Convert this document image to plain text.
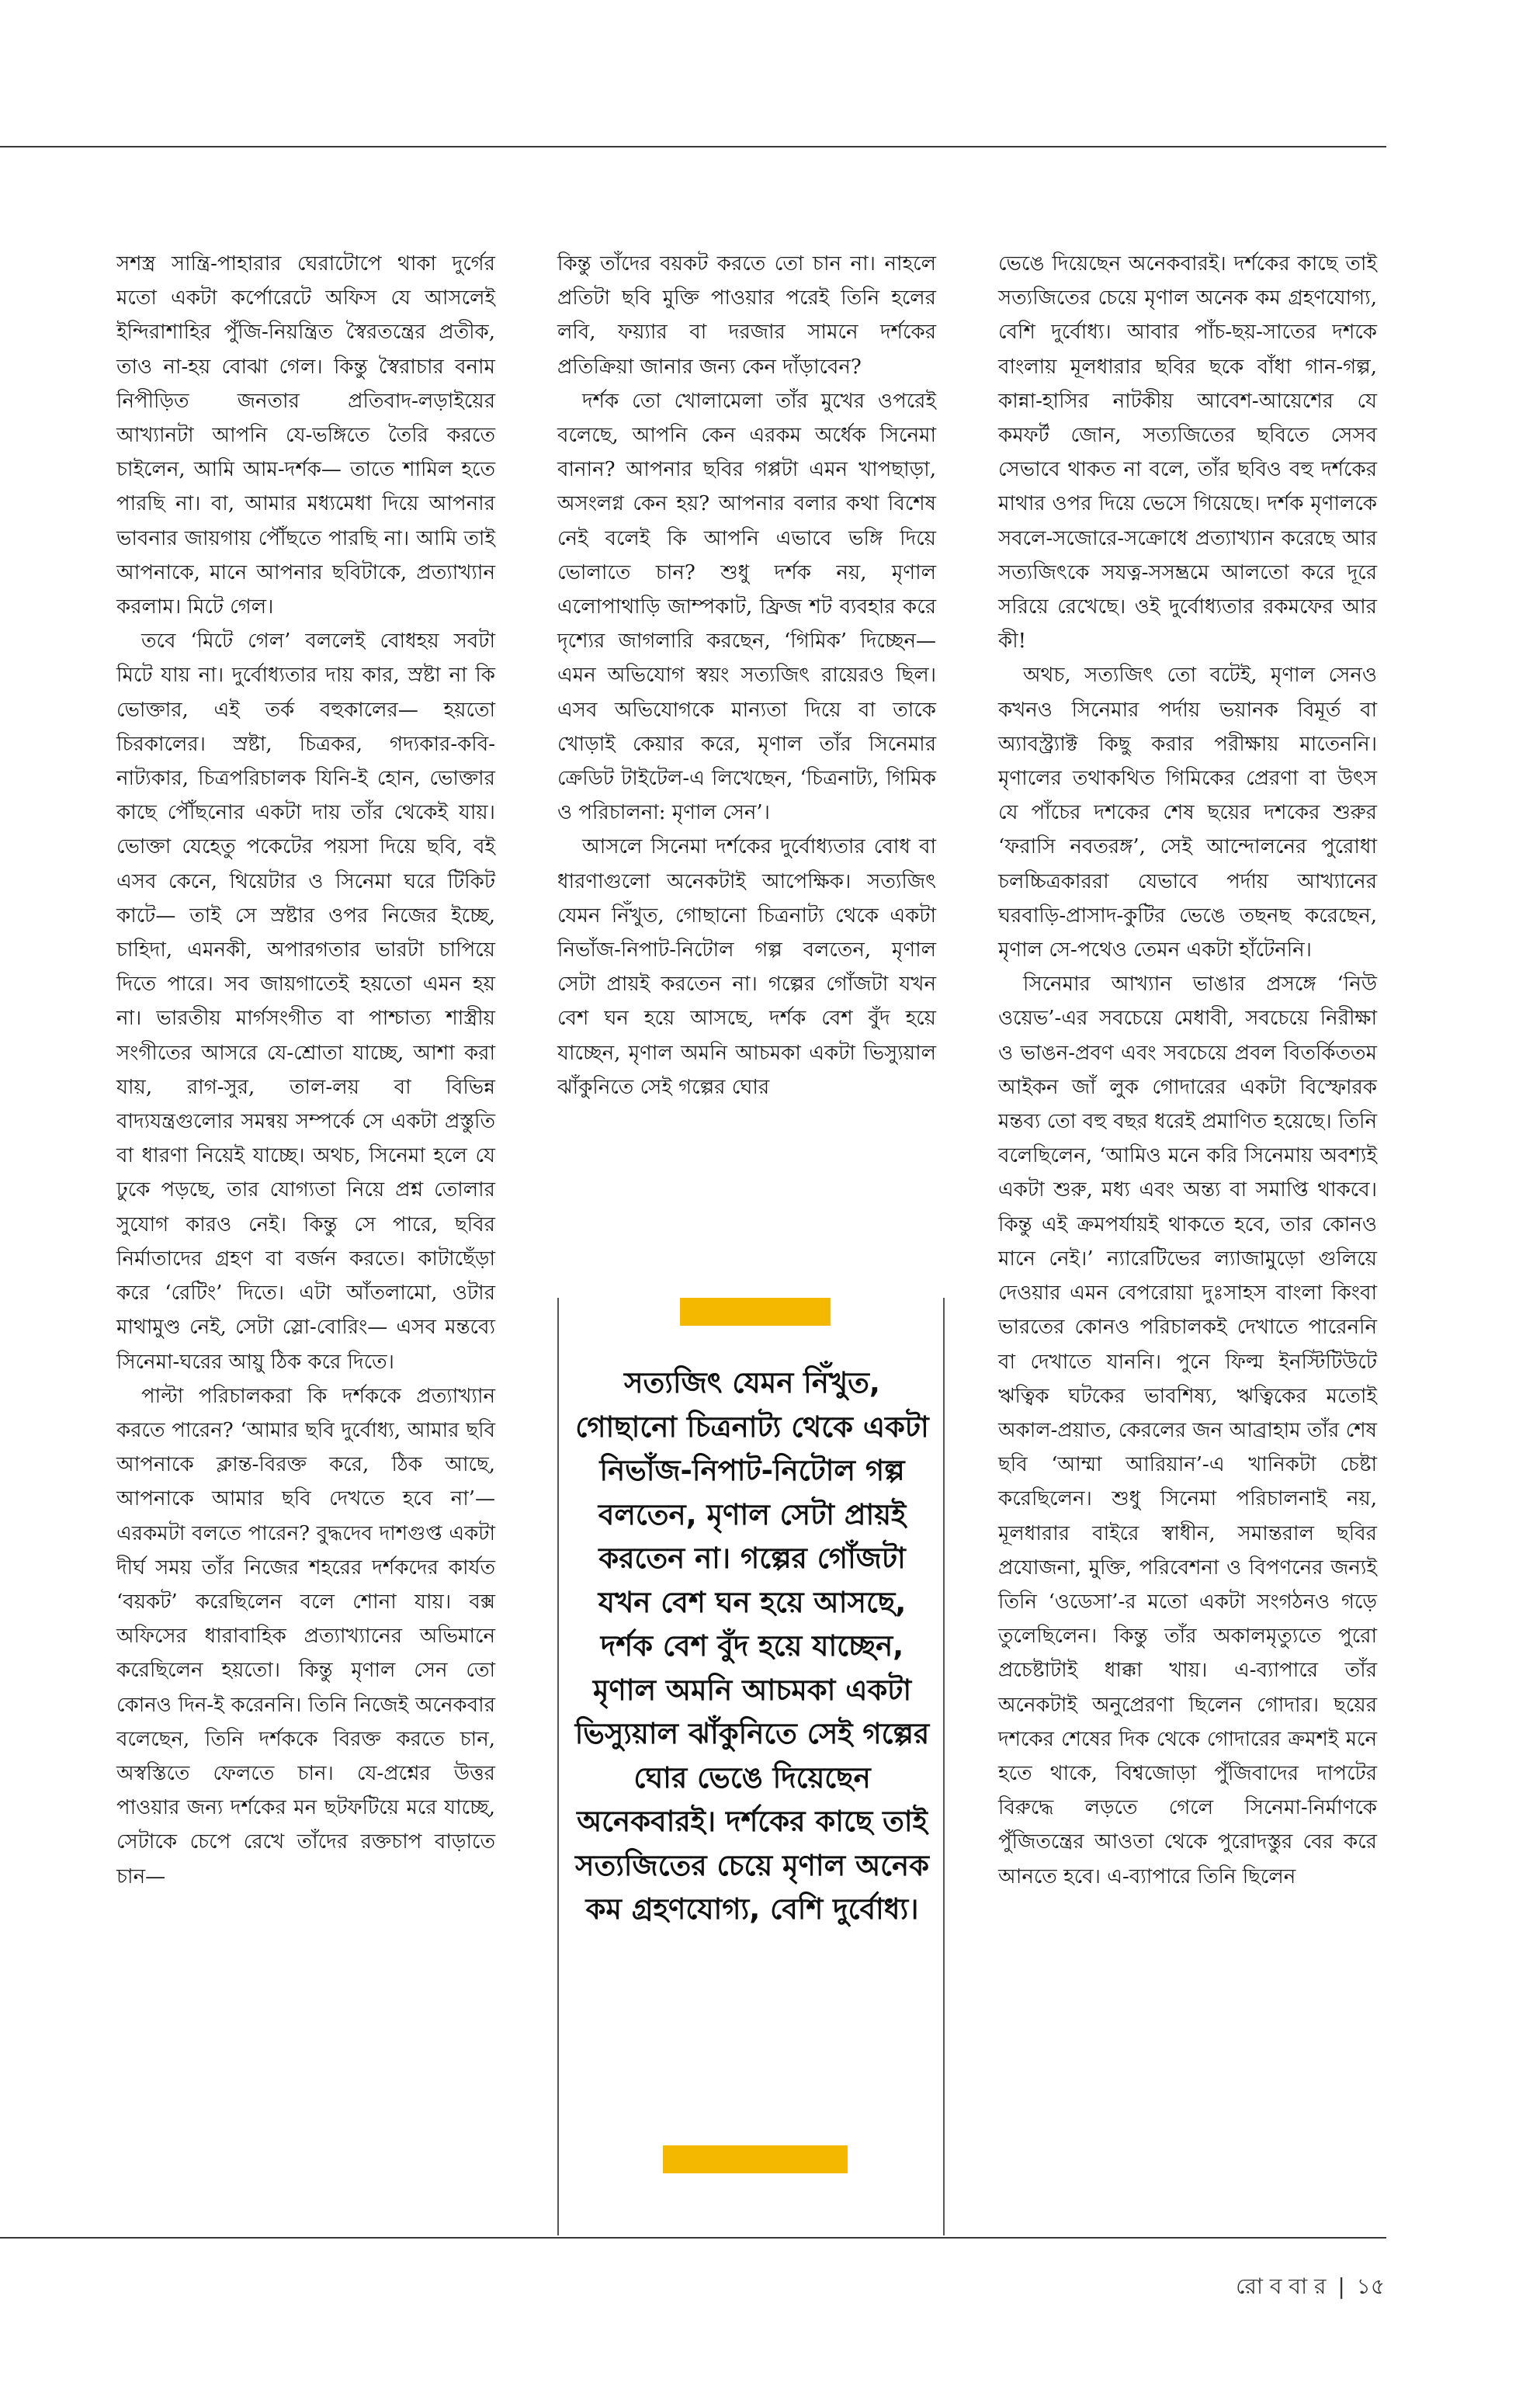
সশস্ত্র সান্ত্রি-পাহারার ঘেরাটোপে থাকা দুর্গের মতো একটা কর্পোরেটে অফিস যে আসলেই ইন্দিরাশাহির পুঁজি-নিয়ন্ত্রিত স্বৈরতন্ত্রের প্রতীক, তাও না-হয় বোঝা গেল। কিন্তু স্বৈরাচার বনাম নিপীড়িত জনতার প্রতিবাদ-লড়াইয়ের আখ্যানটা আপনি যে-ভঙ্গিতে তৈরি করতে চাইলেন, আমি আম-দর্শক— তাতে শামিল হতে পারছি না। বা, আমার মধ্যমেধা দিয়ে আপনার ভাবনার জায়গায় পৌঁছতে পারছি না। আমি তাই আপনাকে, মানে আপনার ছবিটাকে, প্রত্যাখ্যান করলাম। মিটে গেল।

তবে ‘মিটে গেল’ বললেই বোধহয় সবটা মিটে যায় না। দুর্বোধ্যতার দায় কার, স্রষ্টা না কি ভোক্তার, এই তর্ক বহুকালের— হয়তো চিরকালের। স্রষ্টা, চিত্রকর, গদ্যকার-কবি-নাট্যকার, চিত্রপরিচালক যিনি-ই হোন, ভোক্তার কাছে পৌঁছনোর একটা দায় তাঁর থেকেই যায়। ভোক্তা যেহেতু পকেটের পয়সা দিয়ে ছবি, বই এসব কেনে, থিয়েটার ও সিনেমা ঘরে টিকিট কাটে— তাই সে স্রষ্টার ওপর নিজের ইচ্ছে, চাহিদা, এমনকী, অপারগতার ভারটা চাপিয়ে দিতে পারে। সব জায়গাতেই হয়তো এমন হয় না। ভারতীয় মার্গসংগীত বা পাশ্চাত্য শাস্ত্রীয় সংগীতের আসরে যে-শ্রোতা যাচ্ছে, আশা করা যায়, রাগ-সুর, তাল-লয় বা বিভিন্ন বাদ্যযন্ত্রগুলোর সমন্বয় সম্পর্কে সে একটা প্রস্তুতি বা ধারণা নিয়েই যাচ্ছে। অথচ, সিনেমা হলে যে ঢুকে পড়ছে, তার যোগ্যতা নিয়ে প্রশ্ন তোলার সুযোগ কারও নেই। কিন্তু সে পারে, ছবির নির্মাতাদের গ্রহণ বা বর্জন করতে। কাটাছেঁড়া করে ‘রেটিং’ দিতে। এটা আঁতলামো, ওটার মাথামুণ্ড নেই, সেটা স্লো-বোরিং— এসব মন্তব্যে সিনেমা-ঘরের আয়ু ঠিক করে দিতে।

পাল্টা পরিচালকরা কি দর্শককে প্রত্যাখ্যান করতে পারেন? ‘আমার ছবি দুর্বোধ্য, আমার ছবি আপনাকে ক্লান্ত-বিরক্ত করে, ঠিক আছে, আপনাকে আমার ছবি দেখতে হবে না’— এরকমটা বলতে পারেন? বুদ্ধদেব দাশগুপ্ত একটা দীর্ঘ সময় তাঁর নিজের শহরের দর্শকদের কার্যত ‘বয়কট’ করেছিলেন বলে শোনা যায়। বক্স অফিসের ধারাবাহিক প্রত্যাখ্যানের অভিমানে করেছিলেন হয়তো। কিন্তু মৃণাল সেন তো কোনও দিন-ই করেননি। তিনি নিজেই অনেকবার বলেছেন, তিনি দর্শককে বিরক্ত করতে চান, অস্বস্তিতে ফেলতে চান। যে-প্রশ্নের উত্তর পাওয়ার জন্য দর্শকের মন ছটফটিয়ে মরে যাচ্ছে, সেটাকে চেপে রেখে তাঁদের রক্তচাপ বাড়াতে চান—

কিন্তু তাঁদের বয়কট করতে তো চান না। নাহলে প্রতিটা ছবি মুক্তি পাওয়ার পরেই তিনি হলের লবি, ফয়্যার বা দরজার সামনে দর্শকের প্রতিক্রিয়া জানার জন্য কেন দাঁড়াবেন?

দর্শক তো খোলামেলা তাঁর মুখের ওপরেই বলেছে, আপনি কেন এরকম অর্ধেক সিনেমা বানান? আপনার ছবির গপ্পটা এমন খাপছাড়া, অসংলগ্ন কেন হয়? আপনার বলার কথা বিশেষ নেই বলেই কি আপনি এভাবে ভঙ্গি দিয়ে ভোলাতে চান? শুধু দর্শক নয়, মৃণাল এলোপাথাড়ি জাম্পকাট, ফ্রিজ শট ব্যবহার করে দৃশ্যের জাগলারি করছেন, ‘গিমিক’ দিচ্ছেন— এমন অভিযোগ স্বয়ং সত্যজিৎ রায়েরও ছিল। এসব অভিযোগকে মান্যতা দিয়ে বা তাকে খোড়াই কেয়ার করে, মৃণাল তাঁর সিনেমার ক্রেডিট টাইটেল-এ লিখেছেন, ‘চিত্রনাট্য, গিমিক ও পরিচালনা: মৃণাল সেন’।

আসলে সিনেমা দর্শকের দুর্বোধ্যতার বোধ বা ধারণাগুলো অনেকটাই আপেক্ষিক। সত্যজিৎ যেমন নিঁখুত, গোছানো চিত্রনাট্য থেকে একটা নিভাঁজ-নিপাট-নিটোল গল্প বলতেন, মৃণাল সেটা প্রায়ই করতেন না। গল্পের গোঁজটা যখন বেশ ঘন হয়ে আসছে, দর্শক বেশ বুঁদ হয়ে যাচ্ছেন, মৃণাল অমনি আচমকা একটা ভিস্যুয়াল ঝাঁকুনিতে সেই গল্পের ঘোর

ভেঙে দিয়েছেন অনেকবারই। দর্শকের কাছে তাই সত্যজিতের চেয়ে মৃণাল অনেক কম গ্রহণযোগ্য, বেশি দুর্বোধ্য। আবার পাঁচ-ছয়-সাতের দশকে বাংলায় মূলধারার ছবির ছকে বাঁধা গান-গল্প, কান্না-হাসির নাটকীয় আবেশ-আয়েশের যে কমফর্ট জোন, সত্যজিতের ছবিতে সেসব সেভাবে থাকত না বলে, তাঁর ছবিও বহু দর্শকের মাথার ওপর দিয়ে ভেসে গিয়েছে। দর্শক মৃণালকে সবলে-সজোরে-সক্রোধে প্রত্যাখ্যান করেছে আর সত্যজিৎকে সযত্ন-সসম্ভ্রমে আলতো করে দূরে সরিয়ে রেখেছে। ওই দুর্বোধ্যতার রকমফের আর কী!

অথচ, সত্যজিৎ তো বটেই, মৃণাল সেনও কখনও সিনেমার পর্দায় ভয়ানক বিমূর্ত বা অ্যাবস্ট্র্যাক্ট কিছু করার পরীক্ষায় মাতেননি। মৃণালের তথাকথিত গিমিকের প্রেরণা বা উৎস যে পাঁচের দশকের শেষ ছয়ের দশকের শুরুর ‘ফরাসি নবতরঙ্গ’, সেই আন্দোলনের পুরোধা চলচ্চিত্রকাররা যেভাবে পর্দায় আখ্যানের ঘরবাড়ি-প্রাসাদ-কুটির ভেঙে তছনছ করেছেন, মৃণাল সে-পথেও তেমন একটা হাঁটেননি।

সিনেমার আখ্যান ভাঙার প্রসঙ্গে ‘নিউ ওয়েভ’-এর সবচেয়ে মেধাবী, সবচেয়ে নিরীক্ষা ও ভাঙন-প্রবণ এবং সবচেয়ে প্রবল বিতর্কিততম আইকন জাঁ লুক গোদারের একটা বিস্ফোরক মন্তব্য তো বহু বছর ধরেই প্রমাণিত হয়েছে। তিনি বলেছিলেন, ‘আমিও মনে করি সিনেমায় অবশ্যই একটা শুরু, মধ্য এবং অন্ত্য বা সমাপ্তি থাকবে। কিন্তু এই ক্রমপর্যায়ই থাকতে হবে, তার কোনও মানে নেই।’ ন্যারেটিভের ল্যাজামুড়ো গুলিয়ে দেওয়ার এমন বেপরোয়া দুঃসাহস বাংলা কিংবা ভারতের কোনও পরিচালকই দেখাতে পারেননি বা দেখাতে যাননি। পুনে ফিল্ম ইনস্টিটিউটে ঋত্বিক ঘটকের ভাবশিষ্য, ঋত্বিকের মতোই অকাল-প্রয়াত, কেরলের জন আব্রাহাম তাঁর শেষ ছবি ‘আম্মা আরিয়ান’-এ খানিকটা চেষ্টা করেছিলেন। শুধু সিনেমা পরিচালনাই নয়, মূলধারার বাইরে স্বাধীন, সমান্তরাল ছবির প্রযোজনা, মুক্তি, পরিবেশনা ও বিপণনের জন্যই তিনি ‘ওডেসা’-র মতো একটা সংগঠনও গড়ে তুলেছিলেন। কিন্তু তাঁর অকালমৃত্যুতে পুরো প্রচেষ্টাটাই ধাক্কা খায়। এ-ব্যাপারে তাঁর অনেকটাই অনুপ্রেরণা ছিলেন গোদার। ছয়ের দশকের শেষের দিক থেকে গোদারের ক্রমশই মনে হতে থাকে, বিশ্বজোড়া পুঁজিবাদের দাপটের বিরুদ্ধে লড়তে গেলে সিনেমা-নির্মাণকে পুঁজিতন্ত্রের আওতা থেকে পুরোদস্তুর বের করে আনতে হবে। এ-ব্যাপারে তিনি ছিলেন

সত্যজিৎ যেমন নিঁখুত, গোছানো চিত্রনাট্য থেকে একটা নিভাঁজ-নিপাট-নিটোল গল্প বলতেন, মৃণাল সেটা প্রায়ই করতেন না। গল্পের গোঁজটা যখন বেশ ঘন হয়ে আসছে, দর্শক বেশ বুঁদ হয়ে যাচ্ছেন, মৃণাল অমনি আচমকা একটা ভিস্যুয়াল ঝাঁকুনিতে সেই গল্পের ঘোর ভেঙে দিয়েছেন অনেকবারই। দর্শকের কাছে তাই সত্যজিতের চেয়ে মৃণাল অনেক কম গ্রহণযোগ্য, বেশি দুর্বোধ্য।

রো ব বা র | ১৫
